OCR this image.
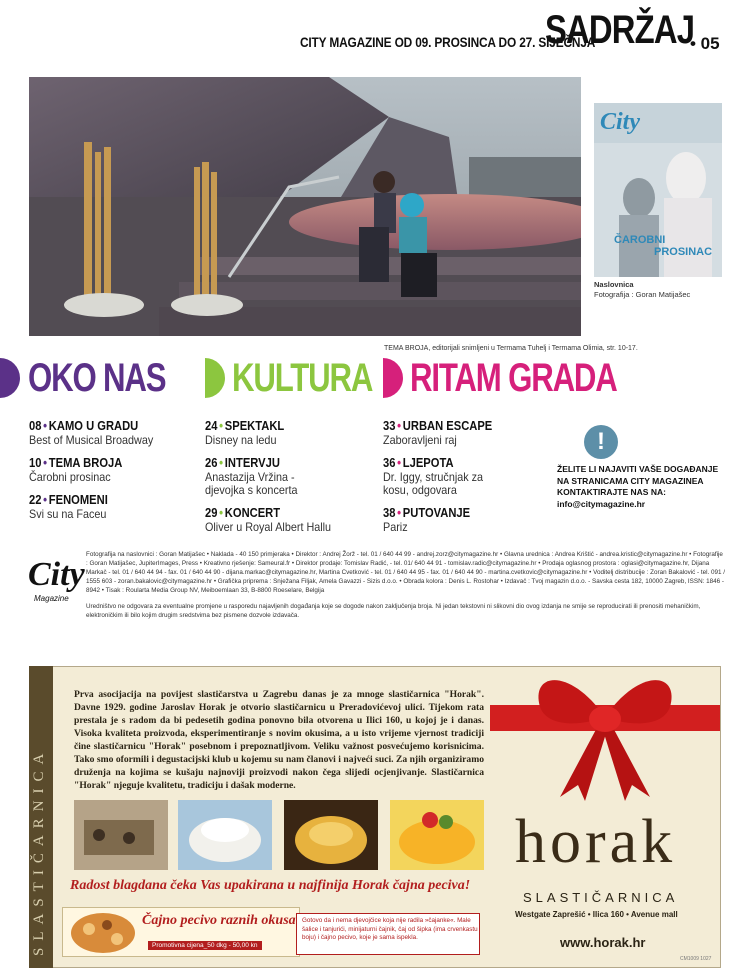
CITY MAGAZINE OD 09. PROSINCA DO 27. SIJEČNJA
SADRŽAJ
• 05
City
ČAROBNI
PROSINAC
Naslovnica
Fotografija : Goran Matijašec
TEMA BROJA, editorijali snimljeni u Termama Tuhelj i Termama Olimia, str. 10-17.
OKO NAS KULTURA RITAM GRADA
08 • KAMO U GRADU
Best of Musical Broadway
10 • TEMA BROJA
Čarobni prosinac
22 • FENOMENI
Svi su na Faceu
24 • SPEKTAKL
Disney na ledu
26 • INTERVJU
Anastazija Vržina - djevojka s koncerta
29 • KONCERT
Oliver u Royal Albert Hallu
33 • URBAN ESCAPE
Zaboravljeni raj
36 • LJEPOTA
Dr. Iggy, stručnjak za kosu, odgovara
38 • PUTOVANJE
Pariz
!
ŽELITE LI NAJAVITI VAŠE DOGAĐANJE NA STRANICAMA CITY MAGAZINEA KONTAKTIRAJTE NAS NA: info@citymagazine.hr
City
Magazine
Fotografija na naslovnici : Goran Matijašec • Naklada - 40 150 primjeraka • Direktor : Andrej Žorž - tel. 01 / 640 44 99 - andrej.zorz@citymagazine.hr • Glavna urednica : Andrea Krištić - andrea.kristic@citymagazine.hr • Fotografije : Goran Matijašec, JupiterImages, Press • Kreativno rješenje: Sameural.fr • Direktor prodaje: Tomislav Radić, - tel. 01/ 640 44 91 - tomislav.radic@citymagazine.hr • Prodaja oglasnog prostora : oglasi@citymagazine.hr, Dijana Markač - tel. 01 / 640 44 94 - fax. 01 / 640 44 90 - dijana.markac@citymagazine.hr, Martina Cvetković - tel. 01 / 640 44 95 - fax. 01 / 640 44 90 - martina.cvetkovic@citymagazine.hr • Voditelj distribucije : Zoran Bakalović - tel. 091 / 1555 603 - zoran.bakalovic@citymagazine.hr • Grafička priprema : Snježana Filjak, Amela Gavazzi - Sizis d.o.o. • Obrada kolora : Denis L. Rostohar • Izdavač : Tvoj magazin d.o.o. - Savska cesta 182, 10000 Zagreb, ISSN: 1846 - 8942 • Tisak : Roularta Media Group NV, Meiboemlaan 33, B-8800 Roeselare, Belgija
Uredništvo ne odgovara za eventualne promjene u rasporedu najavljenih događanja koje se dogode nakon zaključenja broja. Ni jedan tekstovni ni slikovni dio ovog izdanja ne smije se reproducirati ili prenositi mehaničkim, elektroničkim ili bilo kojim drugim sredstvima bez pismene dozvole izdavača.
SLASTIČARNICA
Prva asocijacija na povijest slastičarstva u Zagrebu danas je za mnoge slastičarnica "Horak". Davne 1929. godine Jaroslav Horak je otvorio slastičarnicu u Preradovićevoj ulici. Tijekom rata prestala je s radom da bi pedesetih godina ponovno bila otvorena u Ilici 160, u kojoj je i danas. Visoka kvaliteta proizvoda, eksperimentiranje s novim okusima, a u isto vrijeme vjernost tradiciji čine slastičarnicu "Horak" posebnom i prepoznatljivom. Veliku važnost posvećujemo korisnicima. Tako smo oformili i degustacijski klub u kojemu su nam članovi i najveći suci. Za njih organiziramo druženja na kojima se kušaju najnoviji proizvodi nakon čega slijedi ocjenjivanje. Slastičarnica "Horak" njeguje kvalitetu, tradiciju i dašak moderne.
Radost blagdana čeka Vas upakirana u najfinija Horak čajna peciva!
Čajno pecivo raznih okusa
Promotivna cijena_50 dkg - 50,00 kn
Gotovo da i nema djevojčice koja nije radila »čajanke«. Male šalice i tanjurići, minijaturni čajnik, čaj od šipka (ima crvenkastu boju) i čajno pecivo, koje je sama ispekla.
horak
SLASTIČARNICA
Westgate Zaprešić • Ilica 160 • Avenue mall
www.horak.hr
CM1009 1027
